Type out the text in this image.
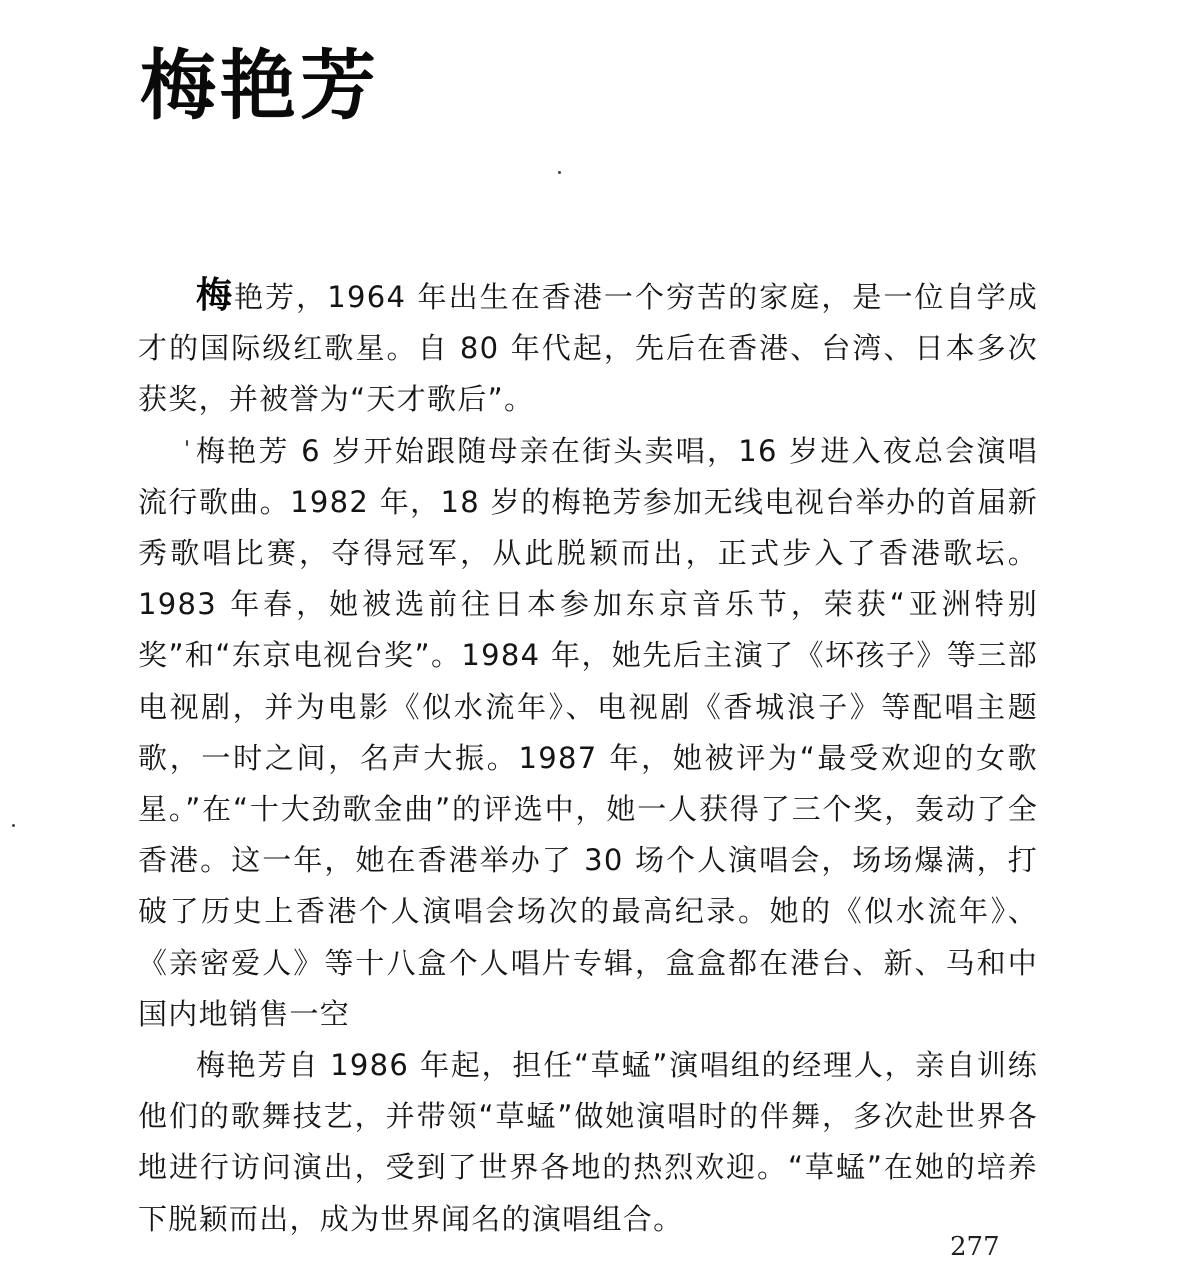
梅艳芳

梅艳芳，1964 年出生在香港一个穷苦的家庭，是一位自学成才的国际级红歌星。自 80 年代起，先后在香港、台湾、日本多次获奖，并被誉为“天才歌后”。

梅艳芳 6 岁开始跟随母亲在街头卖唱，16 岁进入夜总会演唱流行歌曲。1982 年，18 岁的梅艳芳参加无线电视台举办的首届新秀歌唱比赛，夺得冠军，从此脱颖而出，正式步入了香港歌坛。1983 年春，她被选前往日本参加东京音乐节，荣获“亚洲特别奖”和“东京电视台奖”。1984 年，她先后主演了《坏孩子》等三部电视剧，并为电影《似水流年》、电视剧《香城浪子》等配唱主题歌，一时之间，名声大振。1987 年，她被评为“最受欢迎的女歌星。”在“十大劲歌金曲”的评选中，她一人获得了三个奖，轰动了全香港。这一年，她在香港举办了 30 场个人演唱会，场场爆满，打破了历史上香港个人演唱会场次的最高纪录。她的《似水流年》、《亲密爱人》等十八盒个人唱片专辑，盒盒都在港台、新、马和中国内地销售一空

梅艳芳自 1986 年起，担任“草蜢”演唱组的经理人，亲自训练他们的歌舞技艺，并带领“草蜢”做她演唱时的伴舞，多次赴世界各地进行访问演出，受到了世界各地的热烈欢迎。“草蜢”在她的培养下脱颖而出，成为世界闻名的演唱组合。

277
